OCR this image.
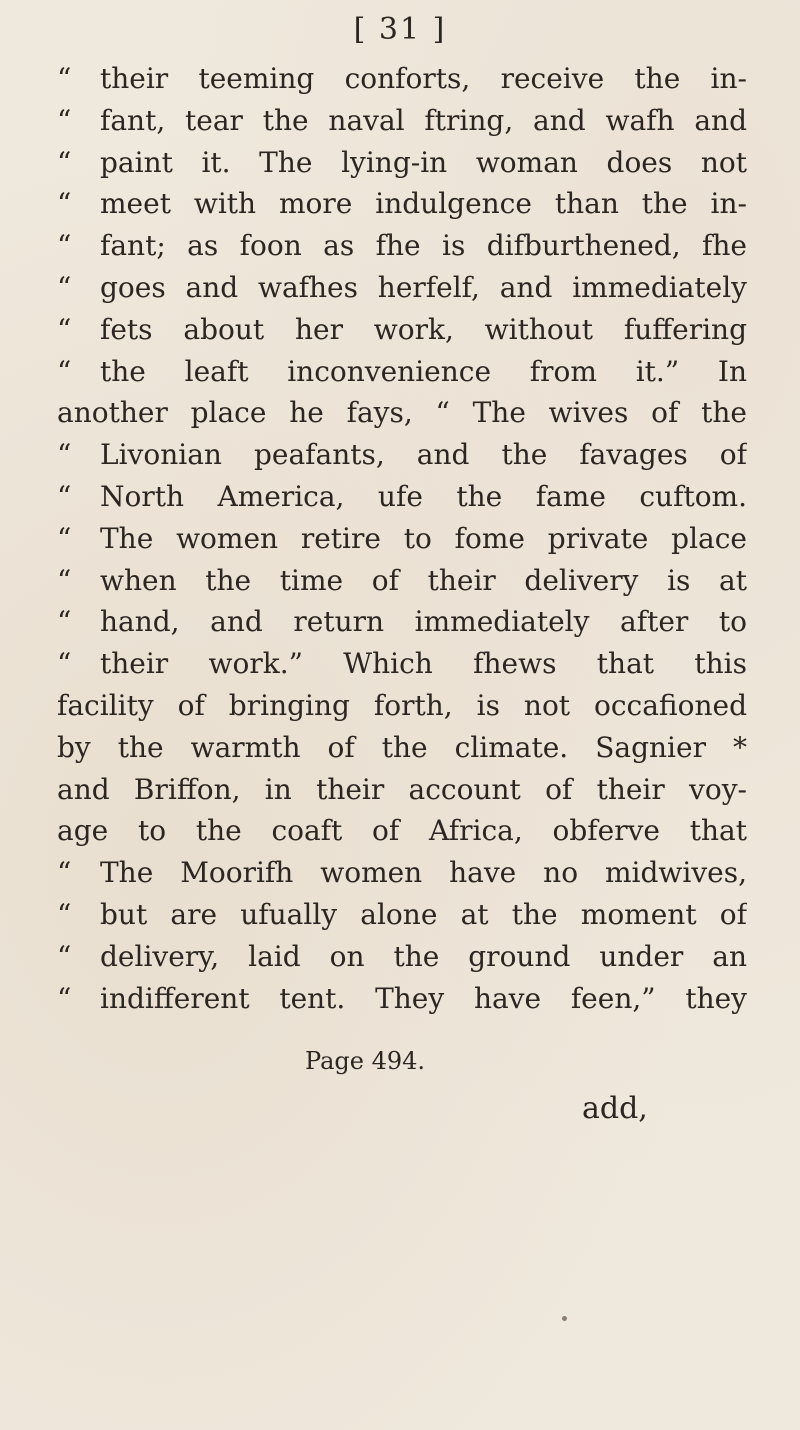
[ 31 ]
“	their teeming conforts, receive the in-
“	fant, tear the naval ftring, and wafh and
“	paint it. The lying-in woman does not
“	meet with more indulgence than the in-
“	fant; as foon as fhe is difburthened, fhe
“	goes and wafhes herfelf, and immediately
“	fets about her work, without fuffering
“	the leaft inconvenience from it.” In
another place he fays, “ The wives of the
“	Livonian peafants, and the favages of
“	North America, ufe the fame cuftom.
“	The women retire to fome private place
“	when the time of their delivery is at
“	hand, and return immediately after to
“	their work.” Which fhews that this
facility of bringing forth, is not occafioned
by the warmth of the climate. Sagnier *
and Briffon, in their account of their voy-
age to the coaft of Africa, obferve that
“	The Moorifh women have no midwives,
“	but are ufually alone at the moment of
“	delivery, laid on the ground under an
“	indifferent tent. They have feen,” they
Page 494.
add,
